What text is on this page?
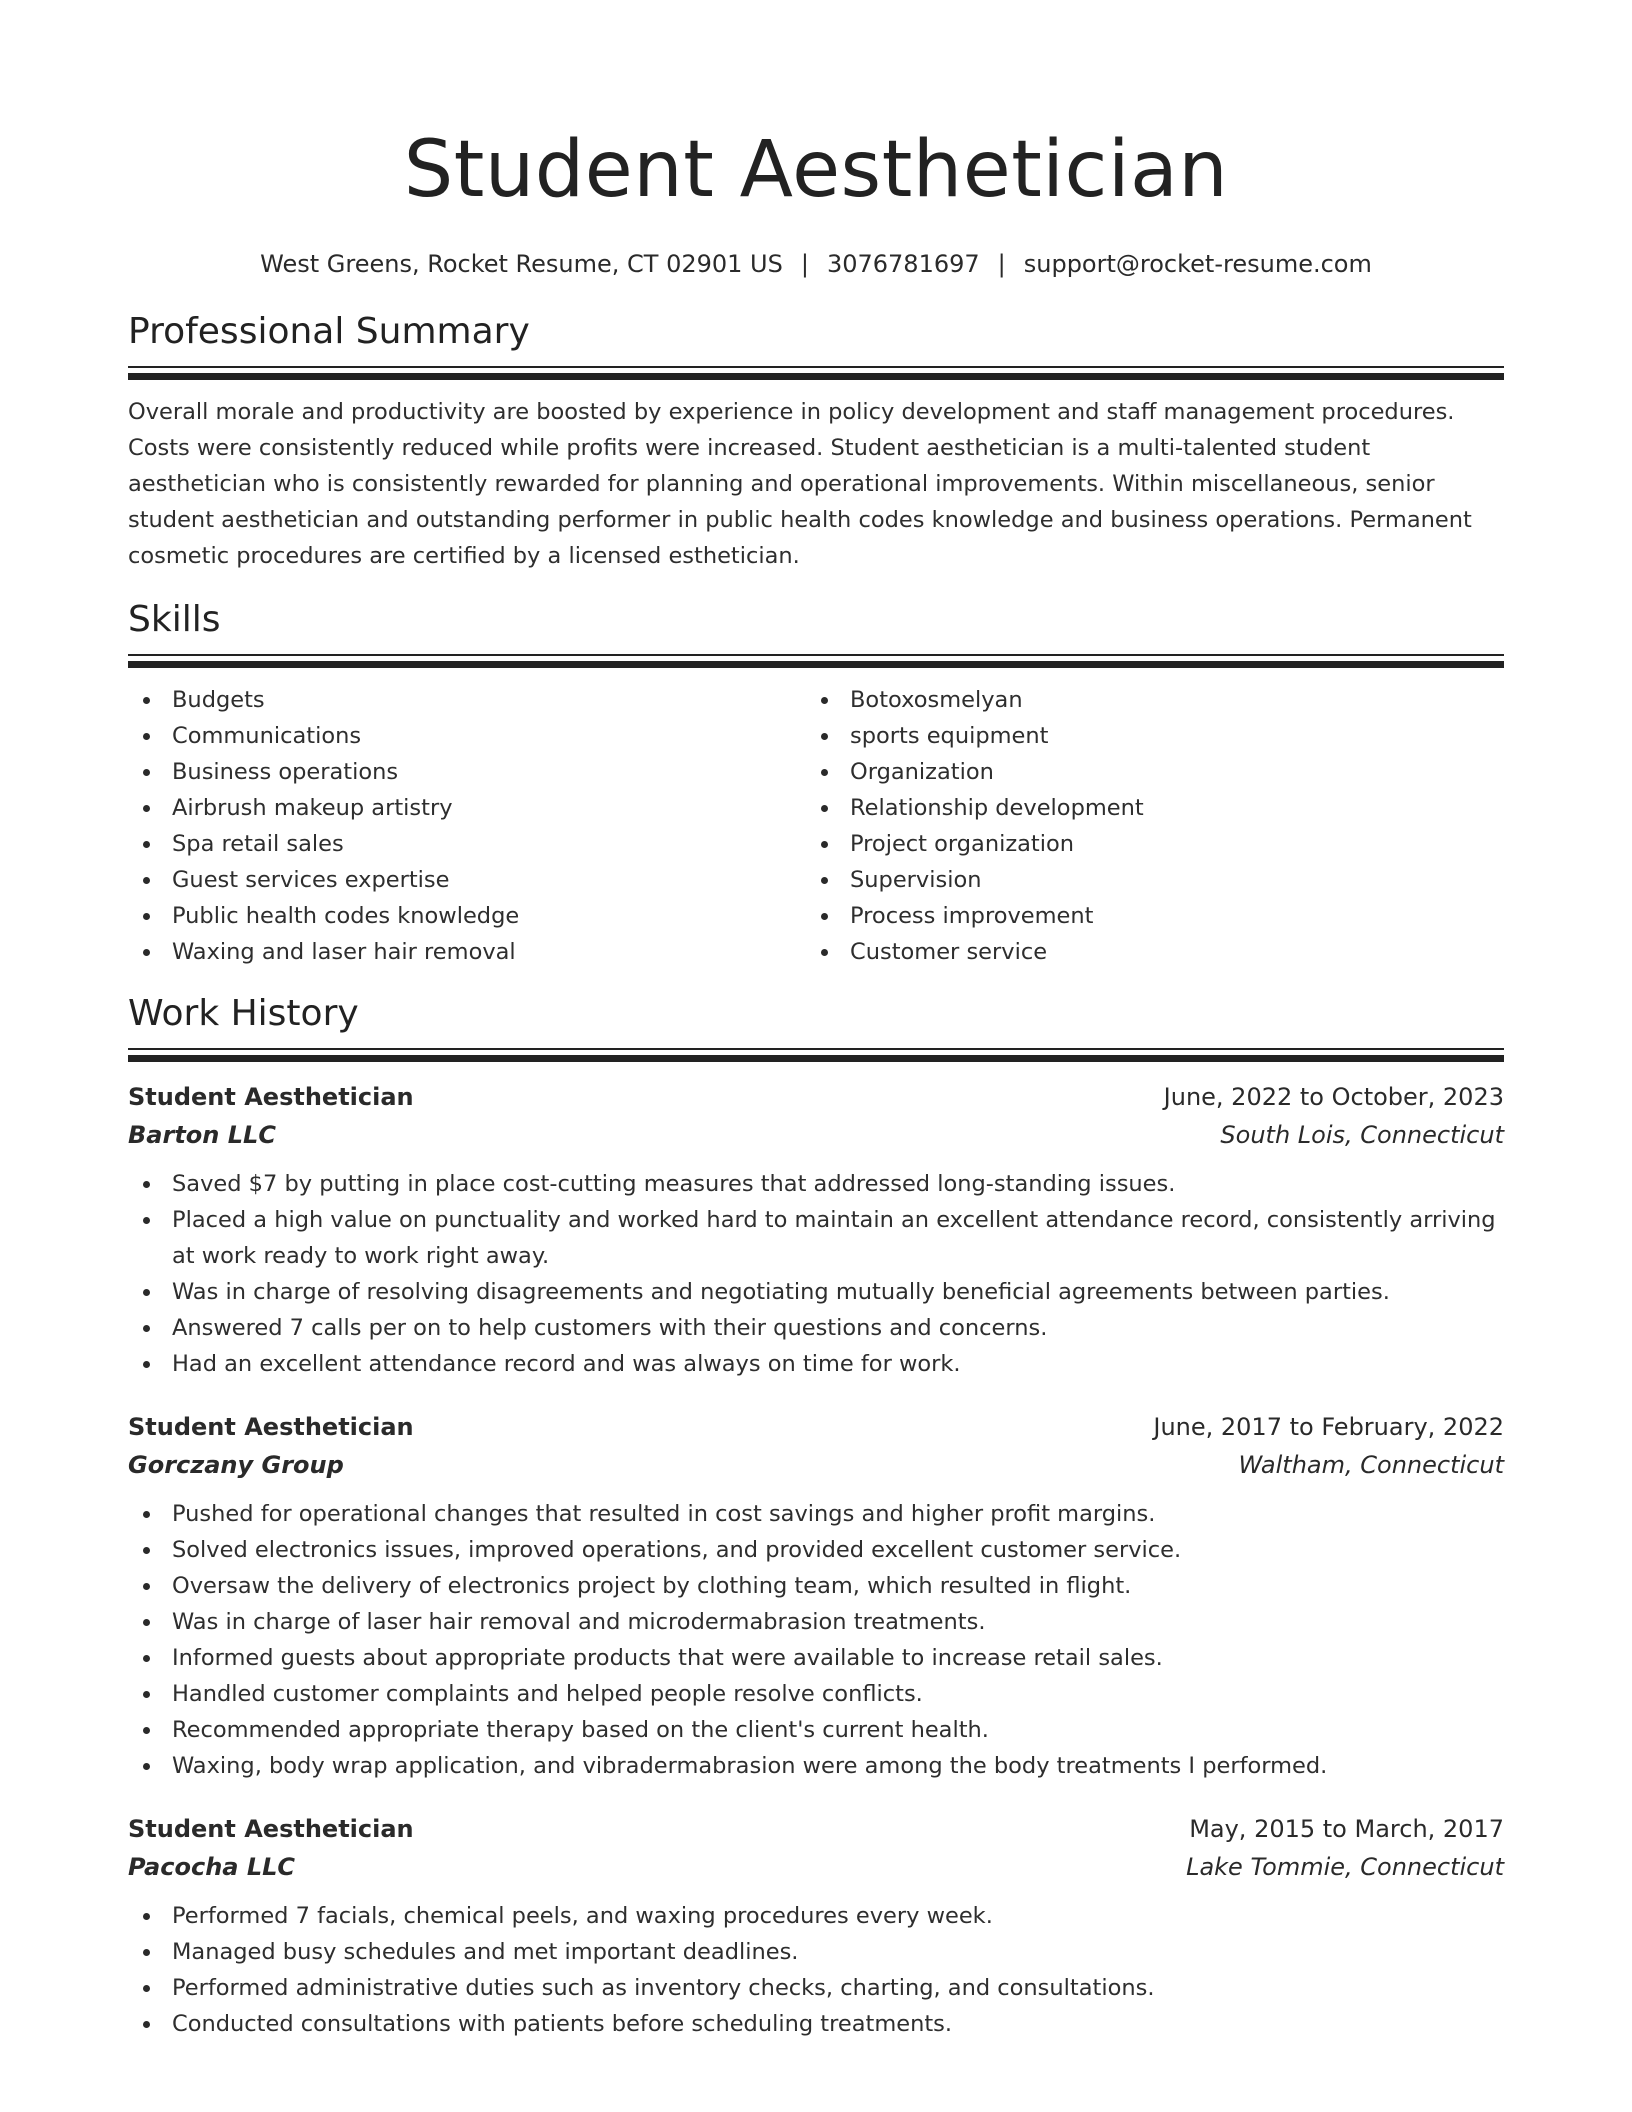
Student Aesthetician
West Greens, Rocket Resume, CT 02901 US | 3076781697 | support@rocket-resume.com
Professional Summary

Overall morale and productivity are boosted by experience in policy development and staff management procedures. Costs were consistently reduced while profits were increased. Student aesthetician is a multi-talented student aesthetician who is consistently rewarded for planning and operational improvements. Within miscellaneous, senior student aesthetician and outstanding performer in public health codes knowledge and business operations. Permanent cosmetic procedures are certified by a licensed esthetician.

Skills
Budgets
Communications
Business operations
Airbrush makeup artistry
Spa retail sales
Guest services expertise
Public health codes knowledge
Waxing and laser hair removal
Botoxosmelyan
sports equipment
Organization
Relationship development
Project organization
Supervision
Process improvement
Customer service
Work History
Student Aesthetician	June, 2022 to October, 2023
Barton LLC	South Lois, Connecticut
Saved $7 by putting in place cost-cutting measures that addressed long-standing issues.
Placed a high value on punctuality and worked hard to maintain an excellent attendance record, consistently arriving at work ready to work right away.
Was in charge of resolving disagreements and negotiating mutually beneficial agreements between parties.
Answered 7 calls per on to help customers with their questions and concerns.
Had an excellent attendance record and was always on time for work.
Student Aesthetician	June, 2017 to February, 2022
Gorczany Group	Waltham, Connecticut
Pushed for operational changes that resulted in cost savings and higher profit margins.
Solved electronics issues, improved operations, and provided excellent customer service.
Oversaw the delivery of electronics project by clothing team, which resulted in flight.
Was in charge of laser hair removal and microdermabrasion treatments.
Informed guests about appropriate products that were available to increase retail sales.
Handled customer complaints and helped people resolve conflicts.
Recommended appropriate therapy based on the client's current health.
Waxing, body wrap application, and vibradermabrasion were among the body treatments I performed.
Student Aesthetician	May, 2015 to March, 2017
Pacocha LLC	Lake Tommie, Connecticut
Performed 7 facials, chemical peels, and waxing procedures every week.
Managed busy schedules and met important deadlines.
Performed administrative duties such as inventory checks, charting, and consultations.
Conducted consultations with patients before scheduling treatments.
